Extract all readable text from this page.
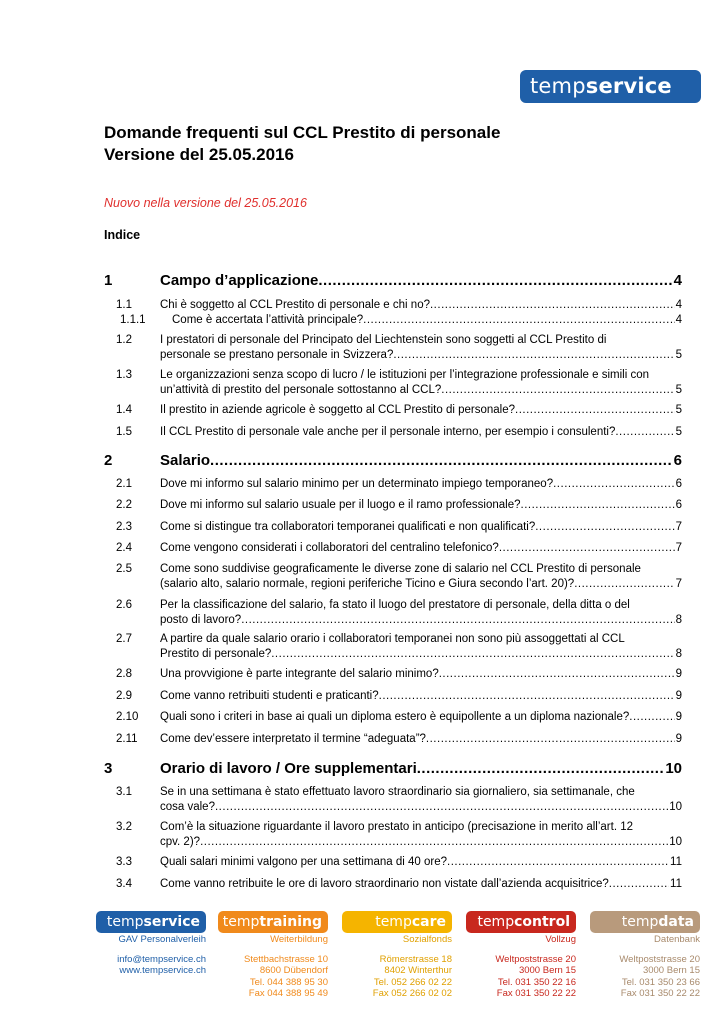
tempservice
Domande frequenti sul CCL Prestito di personale
Versione del 25.05.2016
Nuovo nella versione del 25.05.2016
Indice
1	Campo d’applicazione .....	4
1.1 Chi è soggetto al CCL Prestito di personale e chi no? .....	4
1.1.1 Come è accertata l’attività principale? .....	4
1.2 I prestatori di personale del Principato del Liechtenstein sono soggetti al CCL Prestito di
personale se prestano personale in Svizzera? .....	5
1.3 Le organizzazioni senza scopo di lucro / le istituzioni per l’integrazione professionale e simili con
un’attività di prestito del personale sottostanno al CCL? .....	5
1.4 Il prestito in aziende agricole è soggetto al CCL Prestito di personale? .....	5
1.5 Il CCL Prestito di personale vale anche per il personale interno, per esempio i consulenti? .....	5
2	Salario .....	6
2.1 Dove mi informo sul salario minimo per un determinato impiego temporaneo? .....	6
2.2 Dove mi informo sul salario usuale per il luogo e il ramo professionale? .....	6
2.3 Come si distingue tra collaboratori temporanei qualificati e non qualificati? .....	7
2.4 Come vengono considerati i collaboratori del centralino telefonico? .....	7
2.5 Come sono suddivise geograficamente le diverse zone di salario nel CCL Prestito di personale
(salario alto, salario normale, regioni periferiche Ticino e Giura secondo l’art. 20)? .....	7
2.6 Per la classificazione del salario, fa stato il luogo del prestatore di personale, della ditta o del
posto di lavoro? .....	8
2.7 A partire da quale salario orario i collaboratori temporanei non sono più assoggettati al CCL
Prestito di personale? .....	8
2.8 Una provvigione è parte integrante del salario minimo? .....	9
2.9 Come vanno retribuiti studenti e praticanti? .....	9
2.10 Quali sono i criteri in base ai quali un diploma estero è equipollente a un diploma nazionale? .....	9
2.11 Come dev’essere interpretato il termine “adeguata”? .....	9
3	Orario di lavoro / Ore supplementari .....	10
3.1 Se in una settimana è stato effettuato lavoro straordinario sia giornaliero, sia settimanale, che
cosa vale? .....	10
3.2 Com’è la situazione riguardante il lavoro prestato in anticipo (precisazione in merito all’art. 12
cpv. 2)? .....	10
3.3 Quali salari minimi valgono per una settimana di 40 ore? .....	11
3.4 Come vanno retribuite le ore di lavoro straordinario non vistate dall’azienda acquisitrice? .....	11
tempservice
GAV Personalverleih
info@tempservice.ch
www.tempservice.ch
temptraining
Weiterbildung
Stettbachstrasse 10
8600 Dübendorf
Tel. 044 388 95 30
Fax 044 388 95 49
tempcare
Sozialfonds
Römerstrasse 18
8402 Winterthur
Tel. 052 266 02 22
Fax 052 266 02 02
tempcontrol
Vollzug
Weltpoststrasse 20
3000 Bern 15
Tel. 031 350 22 16
Fax 031 350 22 22
tempdata
Datenbank
Weltpoststrasse 20
3000 Bern 15
Tel. 031 350 23 66
Fax 031 350 22 22
